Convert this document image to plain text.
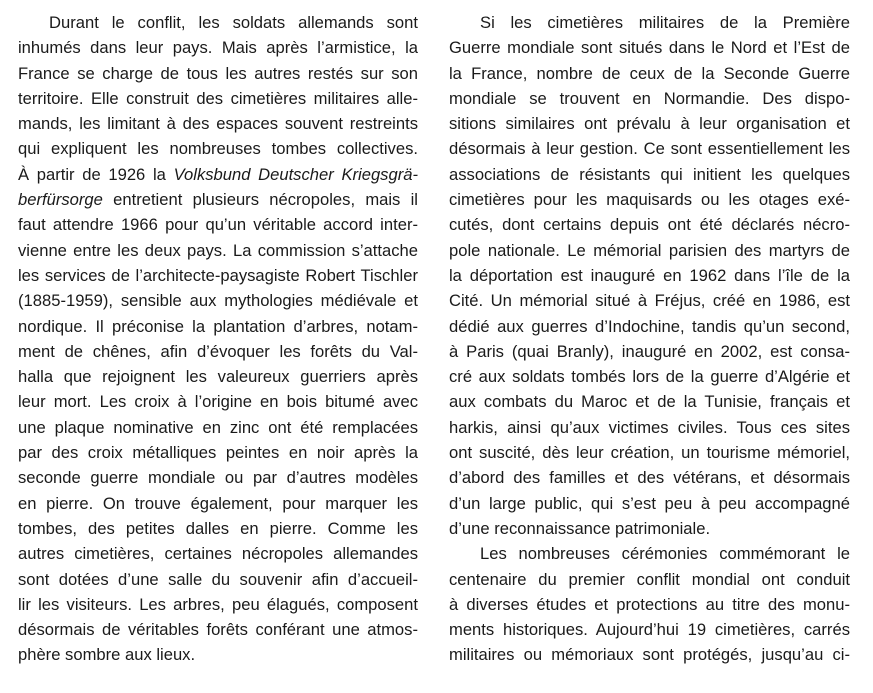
Durant le conflit, les soldats allemands sont
inhumés dans leur pays. Mais après l’armistice, la
France se charge de tous les autres restés sur son
territoire. Elle construit des cimetières militaires alle-
mands, les limitant à des espaces souvent restreints
qui expliquent les nombreuses tombes collectives.
À partir de 1926 la Volksbund Deutscher Kriegsgrä-
berfürsorge entretient plusieurs nécropoles, mais il
faut attendre 1966 pour qu’un véritable accord inter-
vienne entre les deux pays. La commission s’attache
les services de l’architecte-paysagiste Robert Tischler
(1885-1959), sensible aux mythologies médiévale et
nordique. Il préconise la plantation d’arbres, notam-
ment de chênes, afin d’évoquer les forêts du Val-
halla que rejoignent les valeureux guerriers après
leur mort. Les croix à l’origine en bois bitumé avec
une plaque nominative en zinc ont été remplacées
par des croix métalliques peintes en noir après la
seconde guerre mondiale ou par d’autres modèles
en pierre. On trouve également, pour marquer les
tombes, des petites dalles en pierre. Comme les
autres cimetières, certaines nécropoles allemandes
sont dotées d’une salle du souvenir afin d’accueil-
lir les visiteurs. Les arbres, peu élagués, composent
désormais de véritables forêts conférant une atmos-
phère sombre aux lieux.
Si les cimetières militaires de la Première
Guerre mondiale sont situés dans le Nord et l’Est de
la France, nombre de ceux de la Seconde Guerre
mondiale se trouvent en Normandie. Des dispo-
sitions similaires ont prévalu à leur organisation et
désormais à leur gestion. Ce sont essentiellement les
associations de résistants qui initient les quelques
cimetières pour les maquisards ou les otages exé-
cutés, dont certains depuis ont été déclarés nécro-
pole nationale. Le mémorial parisien des martyrs de
la déportation est inauguré en 1962 dans l’île de la
Cité. Un mémorial situé à Fréjus, créé en 1986, est
dédié aux guerres d’Indochine, tandis qu’un second,
à Paris (quai Branly), inauguré en 2002, est consa-
cré aux soldats tombés lors de la guerre d’Algérie et
aux combats du Maroc et de la Tunisie, français et
harkis, ainsi qu’aux victimes civiles. Tous ces sites
ont suscité, dès leur création, un tourisme mémoriel,
d’abord des familles et des vétérans, et désormais
d’un large public, qui s’est peu à peu accompagné
d’une reconnaissance patrimoniale.
Les nombreuses cérémonies commémorant le
centenaire du premier conflit mondial ont conduit
à diverses études et protections au titre des monu-
ments historiques. Aujourd’hui 19 cimetières, carrés
militaires ou mémoriaux sont protégés, jusqu’au ci-
